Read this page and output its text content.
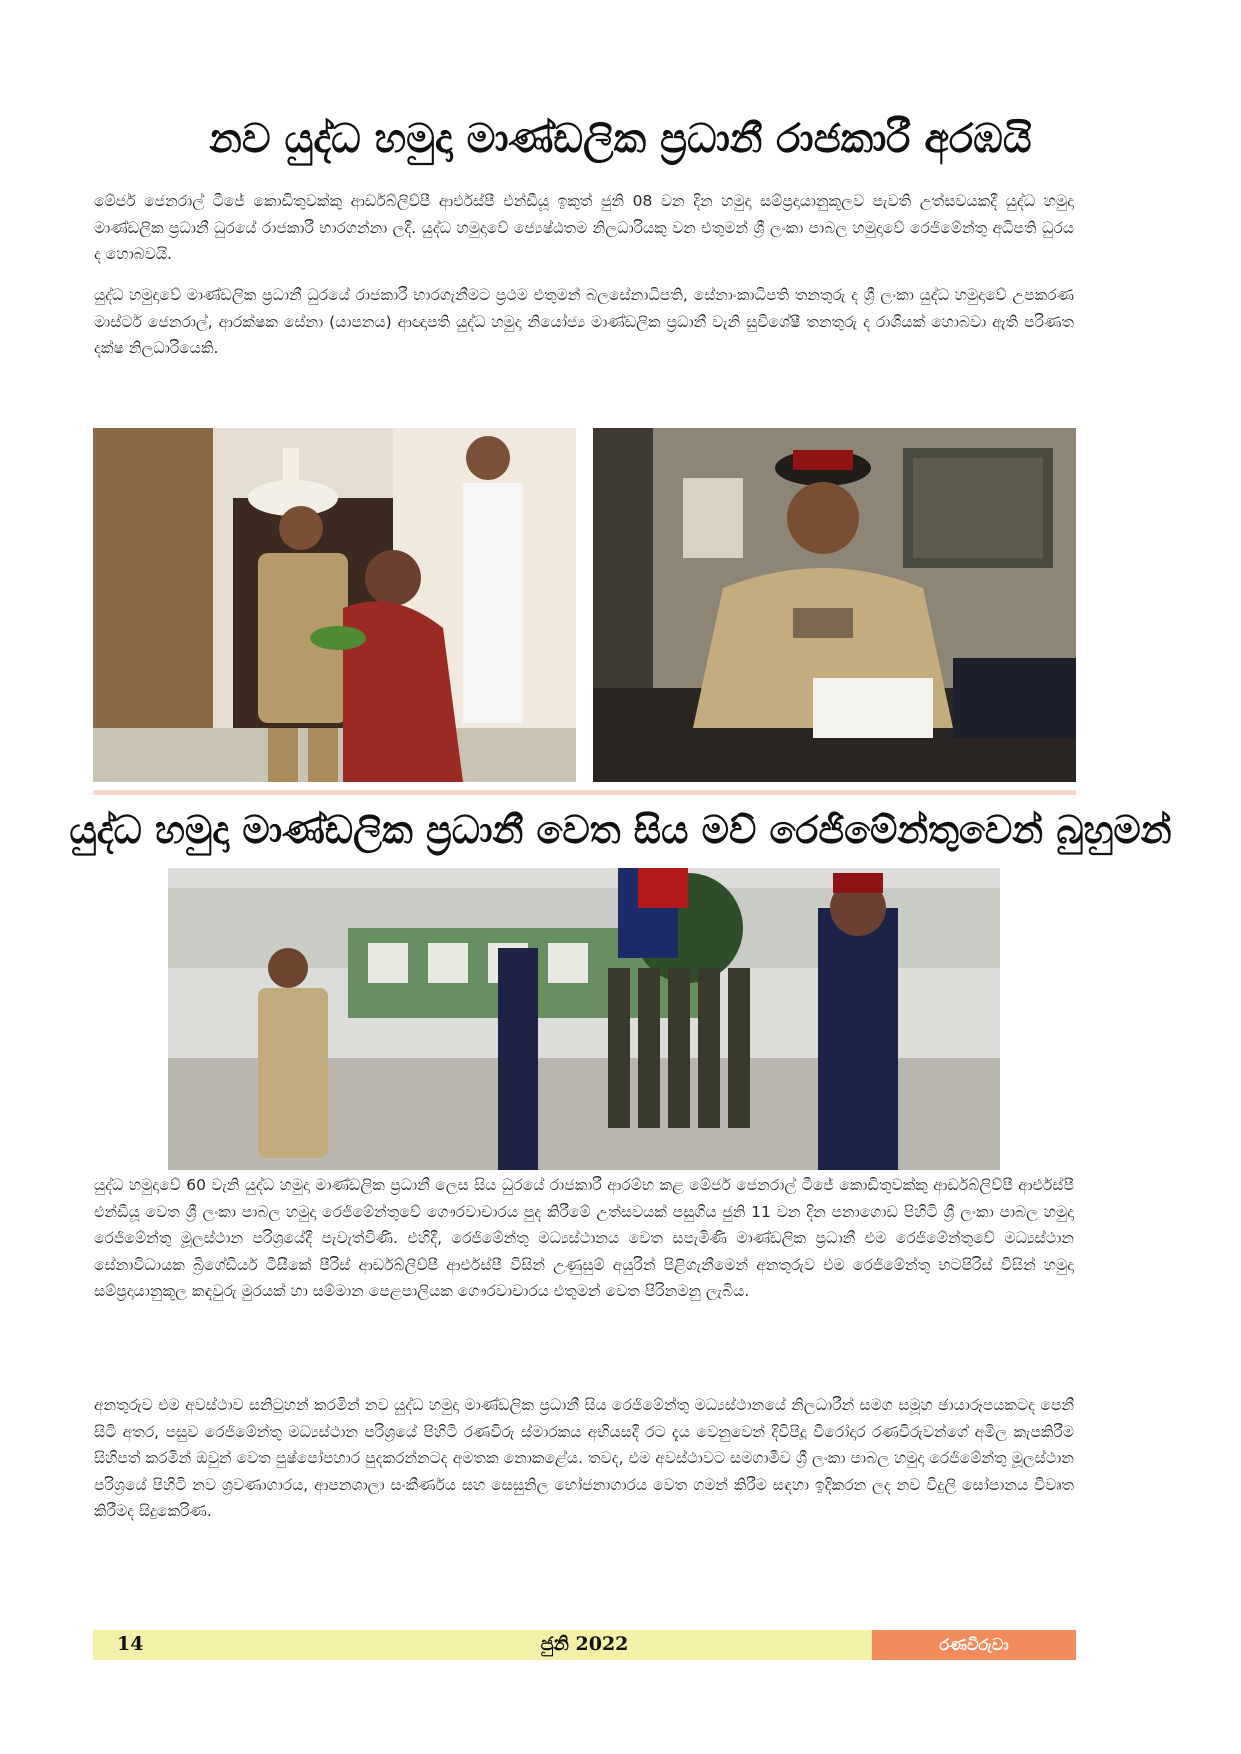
නව යුද්ධ හමුදා මාණ්ඩලික ප්‍රධානී රාජකාරී අරඹයි

මේජර් ජෙනරාල් ටීජේ කොඩිතුවක්කු ආර්ඩබ්ලිව්පී ආර්එස්පී එන්ඩීයූ ඉකුත් ජුනි 08 වන දින හමුදා සම්ප්‍රදායානුකූලව පැවති උත්සවයකදී යුද්ධ හමුදා මාණ්ඩලික ප්‍රධානී ධුරයේ රාජකාරී භාරගන්නා ලදී. යුද්ධ හමුදාවේ ජ්‍යෙෂ්ඨතම නිලධාරියකු වන එතුමන් ශ්‍රී ලංකා පාබල හමුදාවේ රෙජිමේන්තු අධිපති ධුරය ද හොබවයි.

යුද්ධ හමුදාවේ මාණ්ඩලික ප්‍රධානී ධුරයේ රාජකාරී භාරගැනීමට ප්‍රථම එතුමන් බලසේනාධිපති, සේනාංකාධිපති තනතුරු ද ශ්‍රී ලංකා යුද්ධ හමුදාවේ උපකරණ මාස්ටර් ජෙනරාල්, ආරක්ෂක සේනා (යාපනය) ආඥාපති යුද්ධ හමුදා නියෝජ්‍ය මාණ්ඩලික ප්‍රධානී වැනි සුවිශේෂී තනතුරු ද රාශියක් හොබවා ඇති පරිණත දක්ෂ නිලධාරියෙකි.

යුද්ධ හමුදා මාණ්ඩලික ප්‍රධානී වෙත සිය මව් රෙජිමේන්තුවෙන් බුහුමන්

යුද්ධ හමුදාවේ 60 වැනි යුද්ධ හමුදා මාණ්ඩලික ප්‍රධානී ලෙස සිය ධුරයේ රාජකාරී ආරම්භ කළ මේජර් ජෙනරාල් ටීජේ කොඩිතුවක්කු ආර්ඩබ්ලිව්පී ආර්එස්පී එන්ඩීයූ වෙත ශ්‍රී ලංකා පාබල හමුදා රෙජිමේන්තුවේ ගෞරවාචාරය පුද කිරීමේ උත්සවයක් පසුගිය ජුනි 11 වන දින පනාගොඩ පිහිටි ශ්‍රී ලංකා පාබල හමුදා රෙජිමේන්තු මූලස්ථාන පරිශ්‍රයේදී පැවැත්විණි. එහිදී, රෙජිමේන්තු මධ්‍යස්ථානය වෙත සපැමිණි මාණ්ඩලික ප්‍රධානී එම රෙජිමේන්තුවේ මධ්‍යස්ථාන සේනාවිධායක බ්‍රිගේඩියර් ටීසීකේ පීරිස් ආර්ඩබ්ලිව්පී ආර්එස්පී විසින් උණුසුම් අයුරින් පිළිගැනීමෙන් අනතුරුව එම රෙජිමේන්තු භටපිරිස් විසින් හමුදා සම්ප්‍රදායානුකූල කඳවුරු මුරයක් හා සම්මාන පෙළපාලියක ගෞරවාචාරය එතුමන් වෙත පිරිනමනු ලැබිය.

අනතුරුව එම අවස්ථාව සනිටුහන් කරමින් නව යුද්ධ හමුදා මාණ්ඩලික ප්‍රධානී සිය රෙජිමේන්තු මධ්‍යස්ථානයේ නිලධාරීන් සමග සමූහ ඡායාරූපයකටද පෙනී සිටි අතර, පසුව රෙජිමේන්තු මධ්‍යස්ථාන පරිශ්‍රයේ පිහිටි රණවිරු ස්මාරකය අභියසදී රට දැය වෙනුවෙන් දිවිපිදූ වීරෝදාර රණවිරුවන්ගේ අමිල කැපකිරීම සිහිපත් කරමින් ඔවුන් වෙත පුෂ්පෝපහාර පුදකරන්නටද අමතක නොකළේය. තවද, එම අවස්ථාවට සමගාමීව ශ්‍රී ලංකා පාබල හමුදා රෙජිමේන්තු මූලස්ථාන පරිශ්‍රයේ පිහිටි නව ශ්‍රවණාගාරය, ආපනශාලා සංකීර්ණය සහ සෙසුනිල භෝජනාගාරය වෙත ගමන් කිරීම සඳහා ඉදිකරන ලද නව විදුලි සෝපානය විවෘත කිරීමද සිදුකෙරිණ.

14	ජුනි 2022	රණවිරුවා
